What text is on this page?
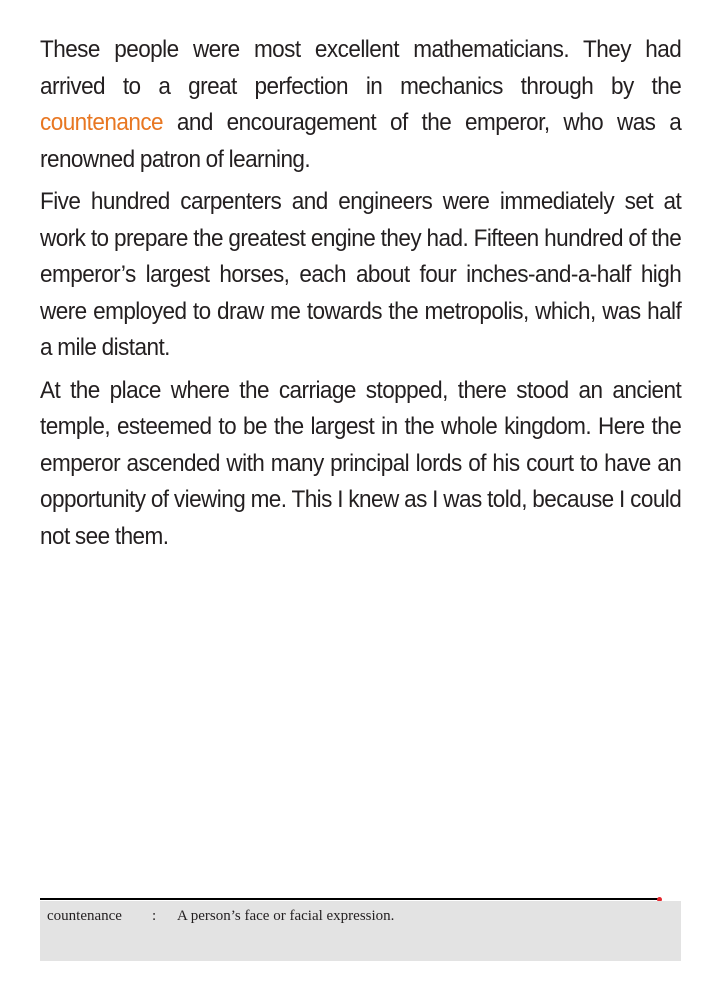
These people were most excellent mathematicians. They had arrived to a great perfection in mechanics through by the countenance and encouragement of the emperor, who was a renowned patron of learning.

Five hundred carpenters and engineers were immediately set at work to prepare the greatest engine they had. Fifteen hundred of the emperor’s largest horses, each about four inches-and-a-half high were employed to draw me towards the metropolis, which, was half a mile distant.

At the place where the carriage stopped, there stood an ancient temple, esteemed to be the largest in the whole kingdom. Here the emperor ascended with many principal lords of his court to have an opportunity of viewing me. This I knew as I was told, because I could not see them.

countenance : A person’s face or facial expression.
